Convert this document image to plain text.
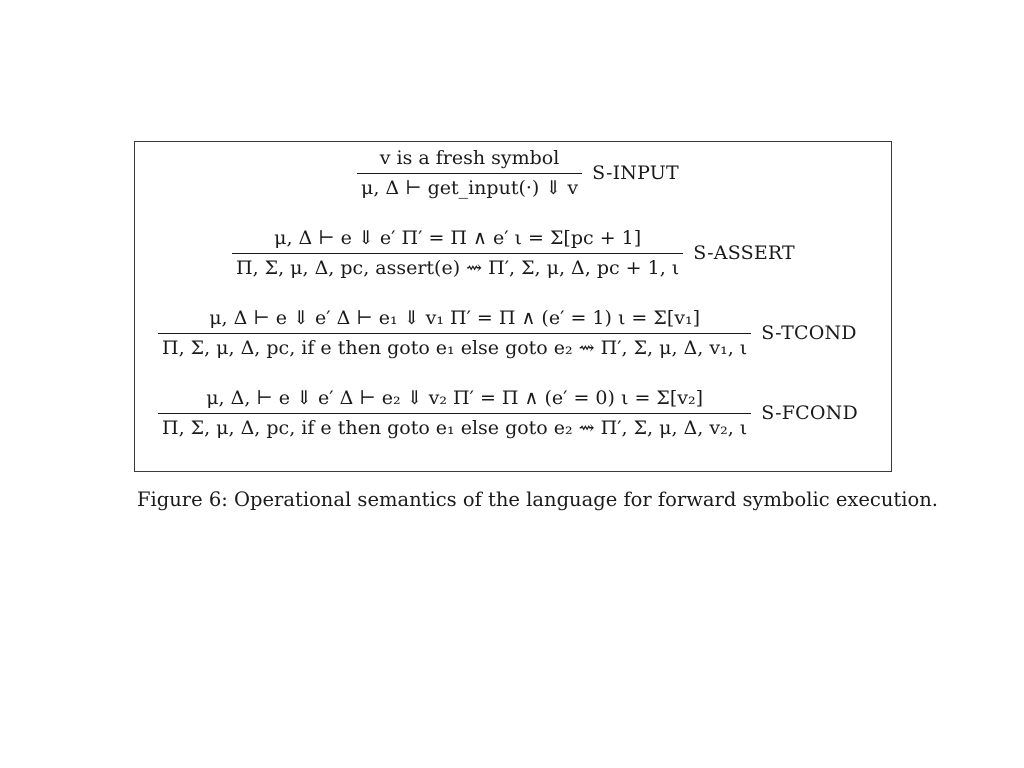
$\frac{\text{v is a fresh symbol}}{\text{μ, Δ ⊢ get\_input(·) ⇓ v}}$ S-INPUT
$\frac{\mu, \Delta ⊢ e ⇓ e' \Pi' = \Pi \wedge e' \iota = \Sigma[pc + 1]}{\text{Π, Σ, μ, Δ, pc, assert(e) ⇝ Π′, Σ, μ, Δ, pc + 1, ι}}$ S-ASSERT
μ, Δ ⊢ e ⇓ e′ Δ ⊢ e₁ ⇓ v₁ Π′ = Π ∧ (e′ = 1) ι = Σ[v₁]
Π, Σ, μ, Δ, pc, if e then goto e₁ else goto e₂ ⇝ Π′, Σ, μ, Δ, v₁, ι
S-TCOND
μ, Δ, ⊢ e ⇓ e′ Δ ⊢ e₂ ⇓ v₂ Π′ = Π ∧ (e′ = 0) ι = Σ[v₂]
Π, Σ, μ, Δ, pc, if e then goto e₁ else goto e₂ ⇝ Π′, Σ, μ, Δ, v₂, ι
S-FCOND
Figure 6: Operational semantics of the language for forward symbolic execution.
